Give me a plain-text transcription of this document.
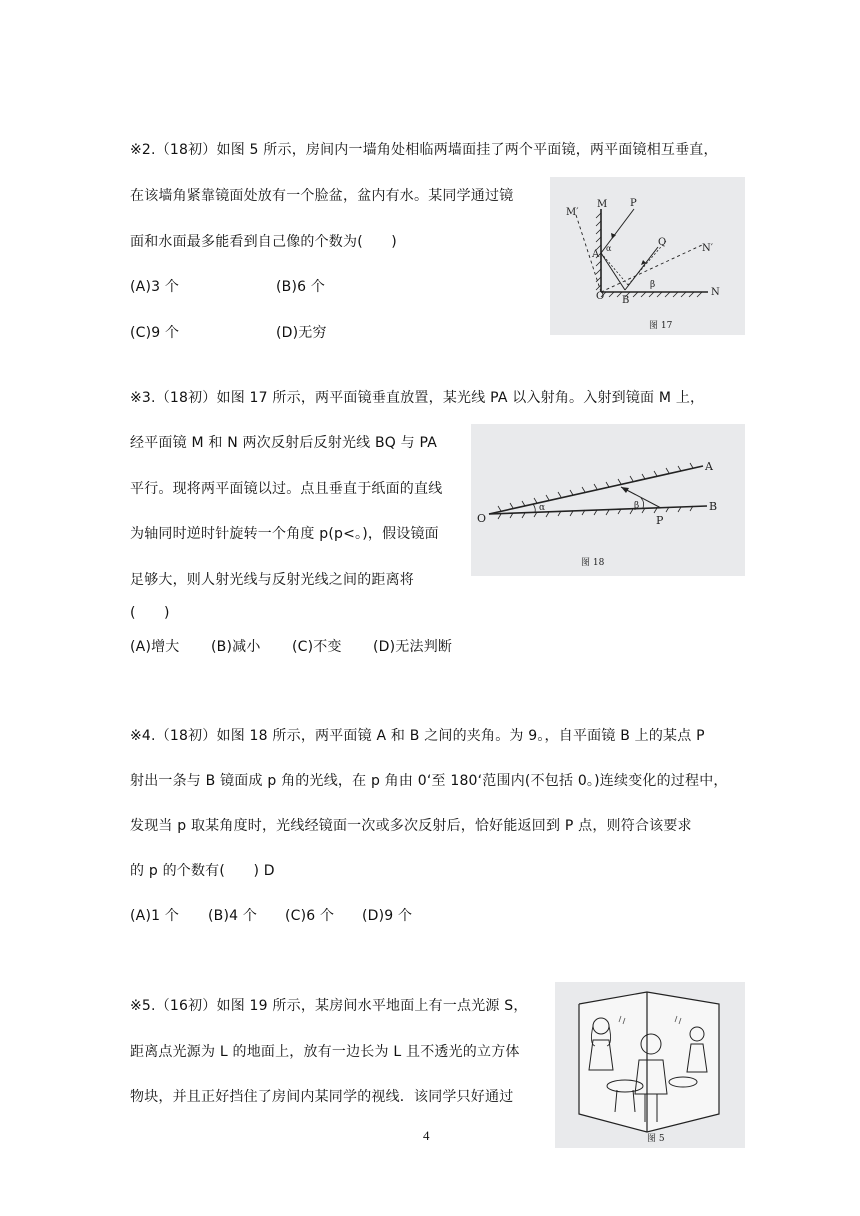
※2.（18初）如图 5 所示，房间内一墙角处相临两墙面挂了两个平面镜，两平面镜相互垂直，
在该墙角紧靠镜面处放有一个脸盆，盆内有水。某同学通过镜
面和水面最多能看到自己像的个数为(　　)
(A)3 个	(B)6 个
(C)9 个	(D)无穷
M′
M P
A
α
Q
N′
O B
β
N
图 17
※3.（18初）如图 17 所示，两平面镜垂直放置，某光线 PA 以入射角。入射到镜面 M 上，
经平面镜 M 和 N 两次反射后反射光线 BQ 与 PA
平行。现将两平面镜以过。点且垂直于纸面的直线
为轴同时逆时针旋转一个角度 p(p<。)，假设镜面
足够大，则人射光线与反射光线之间的距离将
(　　)
(A)增大 (B)减小 (C)不变 (D)无法判断
A
B
O
α	β
P
图 18
※4.（18初）如图 18 所示，两平面镜 A 和 B 之间的夹角。为 9。，自平面镜 B 上的某点 P
射出一条与 B 镜面成 p 角的光线，在 p 角由 0‘至 180‘范围内(不包括 0。)连续变化的过程中，
发现当 p 取某角度时，光线经镜面一次或多次反射后，恰好能返回到 P 点，则符合该要求
的 p 的个数有(　　) D
(A)1 个 (B)4 个 (C)6 个 (D)9 个
※5.（16初）如图 19 所示，某房间水平地面上有一点光源 S，
距离点光源为 L 的地面上，放有一边长为 L 且不透光的立方体
物块，并且正好挡住了房间内某同学的视线．该同学只好通过
图 5
4
